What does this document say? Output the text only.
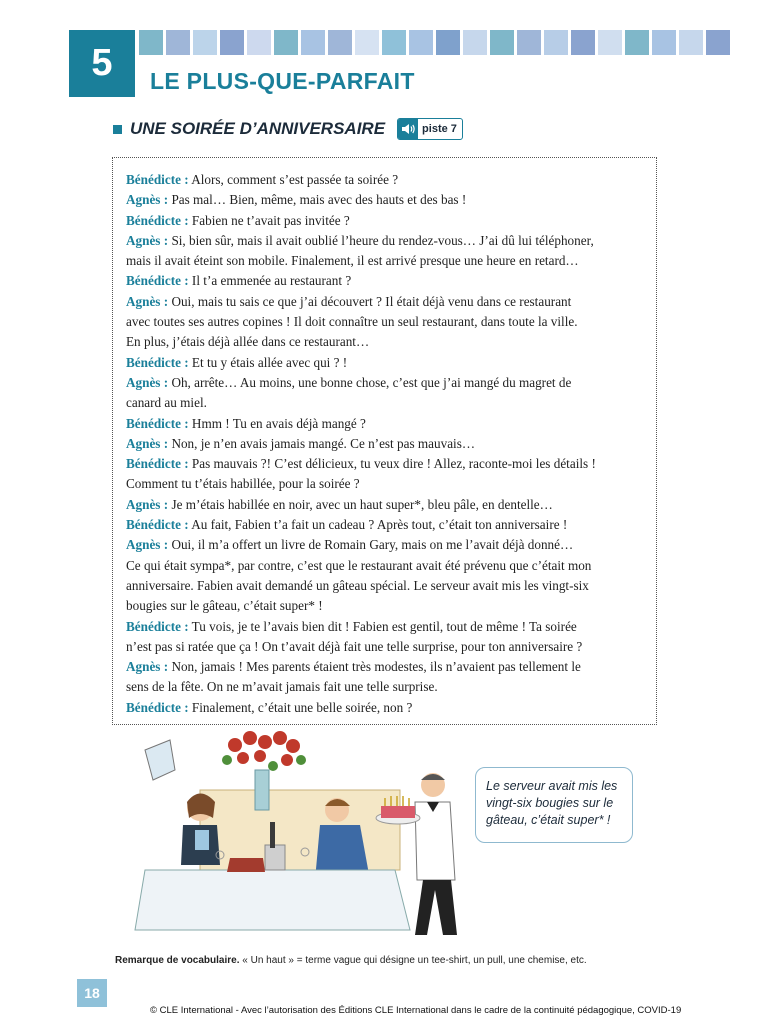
5	LE PLUS-QUE-PARFAIT
UNE SOIRÉE D’ANNIVERSAIRE	piste 7
Bénédicte : Alors, comment s’est passée ta soirée ?
Agnès : Pas mal… Bien, même, mais avec des hauts et des bas !
Bénédicte : Fabien ne t’avait pas invitée ?
Agnès : Si, bien sûr, mais il avait oublié l’heure du rendez-vous… J’ai dû lui téléphoner,
mais il avait éteint son mobile. Finalement, il est arrivé presque une heure en retard…
Bénédicte : Il t’a emmenée au restaurant ?
Agnès : Oui, mais tu sais ce que j’ai découvert ? Il était déjà venu dans ce restaurant
avec toutes ses autres copines ! Il doit connaître un seul restaurant, dans toute la ville.
En plus, j’étais déjà allée dans ce restaurant…
Bénédicte : Et tu y étais allée avec qui ? !
Agnès : Oh, arrête… Au moins, une bonne chose, c’est que j’ai mangé du magret de
canard au miel.
Bénédicte : Hmm ! Tu en avais déjà mangé ?
Agnès : Non, je n’en avais jamais mangé. Ce n’est pas mauvais…
Bénédicte : Pas mauvais ?! C’est délicieux, tu veux dire ! Allez, raconte-moi les détails !
Comment tu t’étais habillée, pour la soirée ?
Agnès : Je m’étais habillée en noir, avec un haut super*, bleu pâle, en dentelle…
Bénédicte : Au fait, Fabien t’a fait un cadeau ? Après tout, c’était ton anniversaire !
Agnès : Oui, il m’a offert un livre de Romain Gary, mais on me l’avait déjà donné…
Ce qui était sympa*, par contre, c’est que le restaurant avait été prévenu que c’était mon
anniversaire. Fabien avait demandé un gâteau spécial. Le serveur avait mis les vingt-six
bougies sur le gâteau, c’était super* !
Bénédicte : Tu vois, je te l’avais bien dit ! Fabien est gentil, tout de même ! Ta soirée
n’est pas si ratée que ça ! On t’avait déjà fait une telle surprise, pour ton anniversaire ?
Agnès : Non, jamais ! Mes parents étaient très modestes, ils n’avaient pas tellement le
sens de la fête. On ne m’avait jamais fait une telle surprise.
Bénédicte : Finalement, c’était une belle soirée, non ?
Le serveur avait mis les
vingt-six bougies sur le
gâteau, c’était super* !
Remarque de vocabulaire. « Un haut » = terme vague qui désigne un tee-shirt, un pull, une chemise, etc.
18
© CLE International - Avec l’autorisation des Éditions CLE International dans le cadre de la continuité pédagogique, COVID-19
